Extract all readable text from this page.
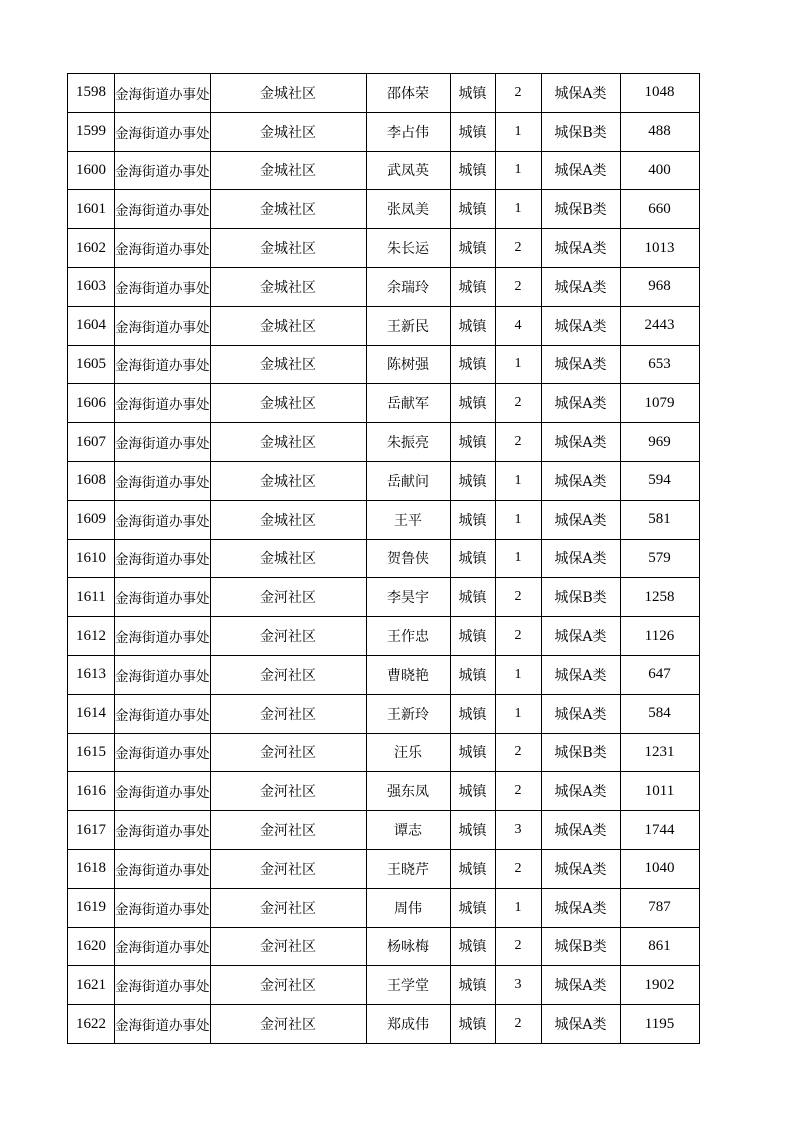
1598	金海街道办事处	金城社区	邵体荣	城镇	2	城保A类	1048
1599	金海街道办事处	金城社区	李占伟	城镇	1	城保B类	488
1600	金海街道办事处	金城社区	武凤英	城镇	1	城保A类	400
1601	金海街道办事处	金城社区	张凤美	城镇	1	城保B类	660
1602	金海街道办事处	金城社区	朱长运	城镇	2	城保A类	1013
1603	金海街道办事处	金城社区	余瑞玲	城镇	2	城保A类	968
1604	金海街道办事处	金城社区	王新民	城镇	4	城保A类	2443
1605	金海街道办事处	金城社区	陈树强	城镇	1	城保A类	653
1606	金海街道办事处	金城社区	岳献军	城镇	2	城保A类	1079
1607	金海街道办事处	金城社区	朱振亮	城镇	2	城保A类	969
1608	金海街道办事处	金城社区	岳献问	城镇	1	城保A类	594
1609	金海街道办事处	金城社区	王平	城镇	1	城保A类	581
1610	金海街道办事处	金城社区	贺鲁侠	城镇	1	城保A类	579
1611	金海街道办事处	金河社区	李昊宇	城镇	2	城保B类	1258
1612	金海街道办事处	金河社区	王作忠	城镇	2	城保A类	1126
1613	金海街道办事处	金河社区	曹晓艳	城镇	1	城保A类	647
1614	金海街道办事处	金河社区	王新玲	城镇	1	城保A类	584
1615	金海街道办事处	金河社区	汪乐	城镇	2	城保B类	1231
1616	金海街道办事处	金河社区	强东凤	城镇	2	城保A类	1011
1617	金海街道办事处	金河社区	谭志	城镇	3	城保A类	1744
1618	金海街道办事处	金河社区	王晓芹	城镇	2	城保A类	1040
1619	金海街道办事处	金河社区	周伟	城镇	1	城保A类	787
1620	金海街道办事处	金河社区	杨咏梅	城镇	2	城保B类	861
1621	金海街道办事处	金河社区	王学堂	城镇	3	城保A类	1902
1622	金海街道办事处	金河社区	郑成伟	城镇	2	城保A类	1195
